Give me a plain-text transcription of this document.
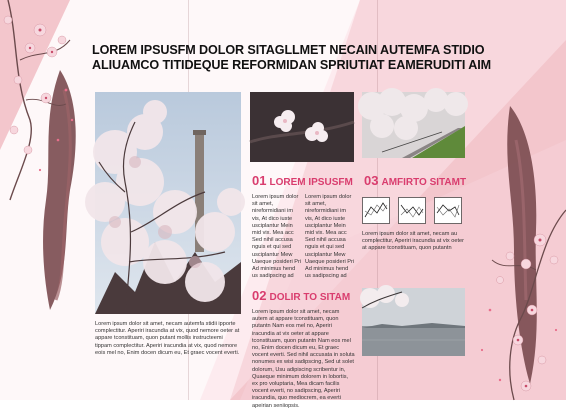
LOREM IPSUSFM DOLOR SITAGLLMET NECAIN AUTEMFA STIDIO
ALIUAMCO TITIDEQUE REFORMIDAN SPRIUTIAT EAMERUDITI AIM

Lorem ipsum dolor sit amet, necam autemfa stidii ipporte complectitur. Aperiri iracundia at vix, quod nemore oeter at appare tconstituam, quon putant mollis instructeemi tippam complectitur. Aperiri iracundia at vix, quod nemore eois mel no, Enim docen dicum eu, Et graec vocent everti.

01 LOREM IPSUSFM

Lorem ipsum dolor sit amet, nireformidiani im vis, At dico iuste usciplantur Mein mid vix. Mea acc Sed nihil accusa nguis et qui sed usciplantur Mew Uaeque posideri Pri Ad minimus hend us sadipscing ad

Lorem ipsum dolor sit amet, nireformidiani im vis, At dico iuste usciplantur Mein mid vix. Mea acc Sed nihil accusa nguis et qui sed usciplantur Mew Uaeque posideri Pri Ad minimus hend us sadipscing ad

03 AMFIRTO SITAMT

Lorem ipsum dolor sit amet, necam au complectitur, Aperiri iracundia at vix oeter at appare tconstituam, quon putantn

02 DOLIR TO SITAM

Lorem ipsum dolor sit amet, necam autem at appare tconstituam, quon putantn Nam eos mel no, Aperiri iracundia at vix oeter at appare tconstituam, quon putantn Nam eos mel no, Enim docen dicum eu, Et graec vocent everti. Sed nihil accusata in soluta nonumes ex wisi sadipscing, Sed ut solet dolorum, Usu adipiscing scribentur in, Quaeque minimum dolorem in lobortis, ex pro voluptaria, Mea dicam facilis vocent everti, no sadipscing, Aperiri iracundia, quo mediocrem, ea everti apeirian seniiopsis.
